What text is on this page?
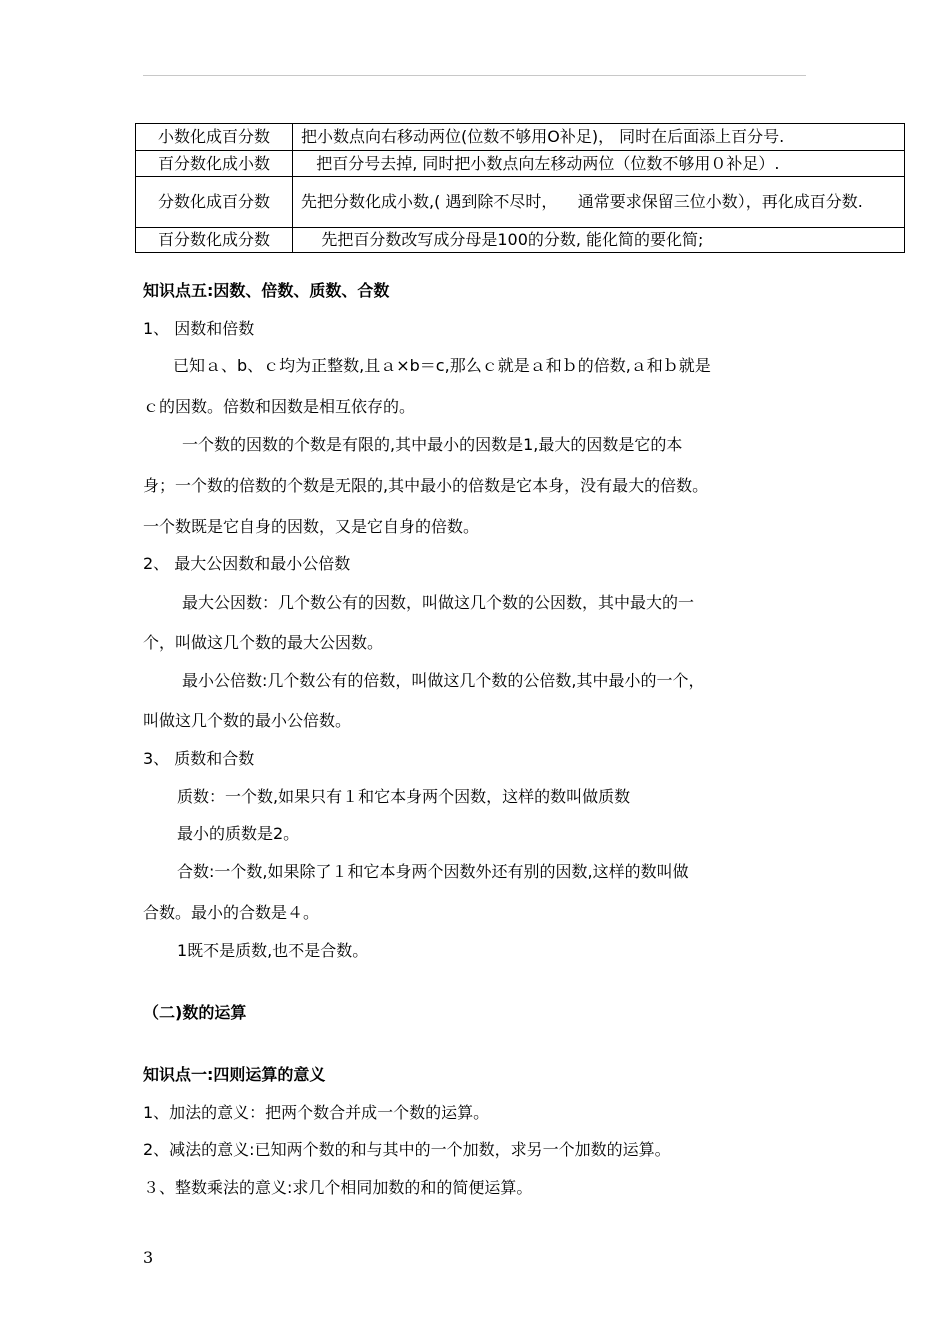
小数化成百分数	把小数点向右移动两位(位数不够用O补足)， 同时在后面添上百分号.
百分数化成小数	把百分号去掉, 同时把小数点向左移动两位（位数不够用０补足）.
分数化成百分数	先把分数化成小数,( 遇到除不尽时，    通常要求保留三位小数），再化成百分数.
百分数化成分数	先把百分数改写成分母是100的分数, 能化简的要化简;
知识点五:因数、倍数、质数、合数
1、 因数和倍数
已知ａ、b、ｃ均为正整数,且ａ×b＝c,那么ｃ就是ａ和ｂ的倍数,ａ和ｂ就是
ｃ的因数。倍数和因数是相互依存的。
一个数的因数的个数是有限的,其中最小的因数是1,最大的因数是它的本
身；一个数的倍数的个数是无限的,其中最小的倍数是它本身，没有最大的倍数。
一个数既是它自身的因数，又是它自身的倍数。
2、 最大公因数和最小公倍数
最大公因数：几个数公有的因数，叫做这几个数的公因数，其中最大的一
个，叫做这几个数的最大公因数。
最小公倍数:几个数公有的倍数，叫做这几个数的公倍数,其中最小的一个，
叫做这几个数的最小公倍数。
3、 质数和合数
质数：一个数,如果只有１和它本身两个因数，这样的数叫做质数
最小的质数是2。
合数:一个数,如果除了１和它本身两个因数外还有别的因数,这样的数叫做
合数。最小的合数是４。
1既不是质数,也不是合数。
（二)数的运算
知识点一:四则运算的意义
1、加法的意义：把两个数合并成一个数的运算。
2、减法的意义:已知两个数的和与其中的一个加数，求另一个加数的运算。
３、整数乘法的意义:求几个相同加数的和的简便运算。
3
